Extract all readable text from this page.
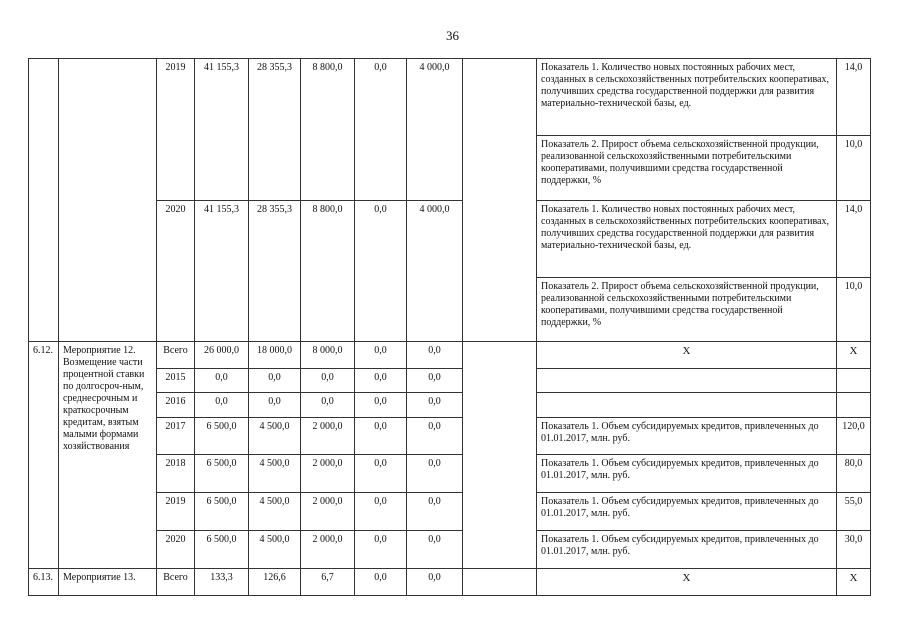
36
		2019	41 155,3	28 355,3	8 800,0	0,0	4 000,0		Показатель 1. Количество новых постоянных рабочих мест, созданных в сельскохозяйственных потребительских кооперативах, получивших средства государственной поддержки для развития материально-технической базы, ед.	14,0
									Показатель 2. Прирост объема сельскохозяйственной продукции, реализованной сельскохозяйственными потребительскими кооперативами, получившими средства государственной поддержки, %	10,0
		2020	41 155,3	28 355,3	8 800,0	0,0	4 000,0		Показатель 1. Количество новых постоянных рабочих мест, созданных в сельскохозяйственных потребительских кооперативах, получивших средства государственной поддержки для развития материально-технической базы, ед.	14,0
									Показатель 2. Прирост объема сельскохозяйственной продукции, реализованной сельскохозяйственными потребительскими кооперативами, получившими средства государственной поддержки, %	10,0
6.12.	Мероприятие 12. Возмещение части процентной ставки по долгосроч-ным, среднесрочным и краткосрочным кредитам, взятым малыми формами хозяйствования	Всего	26 000,0	18 000,0	8 000,0	0,0	0,0		X	X
		2015	0,0	0,0	0,0	0,0	0,0			
		2016	0,0	0,0	0,0	0,0	0,0			
		2017	6 500,0	4 500,0	2 000,0	0,0	0,0		Показатель 1. Объем субсидируемых кредитов, привлеченных до 01.01.2017, млн. руб.	120,0
		2018	6 500,0	4 500,0	2 000,0	0,0	0,0		Показатель 1. Объем субсидируемых кредитов, привлеченных до 01.01.2017, млн. руб.	80,0
		2019	6 500,0	4 500,0	2 000,0	0,0	0,0		Показатель 1. Объем субсидируемых кредитов, привлеченных до 01.01.2017, млн. руб.	55,0
		2020	6 500,0	4 500,0	2 000,0	0,0	0,0		Показатель 1. Объем субсидируемых кредитов, привлеченных до 01.01.2017, млн. руб.	30,0
6.13.	Мероприятие 13.	Всего	133,3	126,6	6,7	0,0	0,0		X	X
